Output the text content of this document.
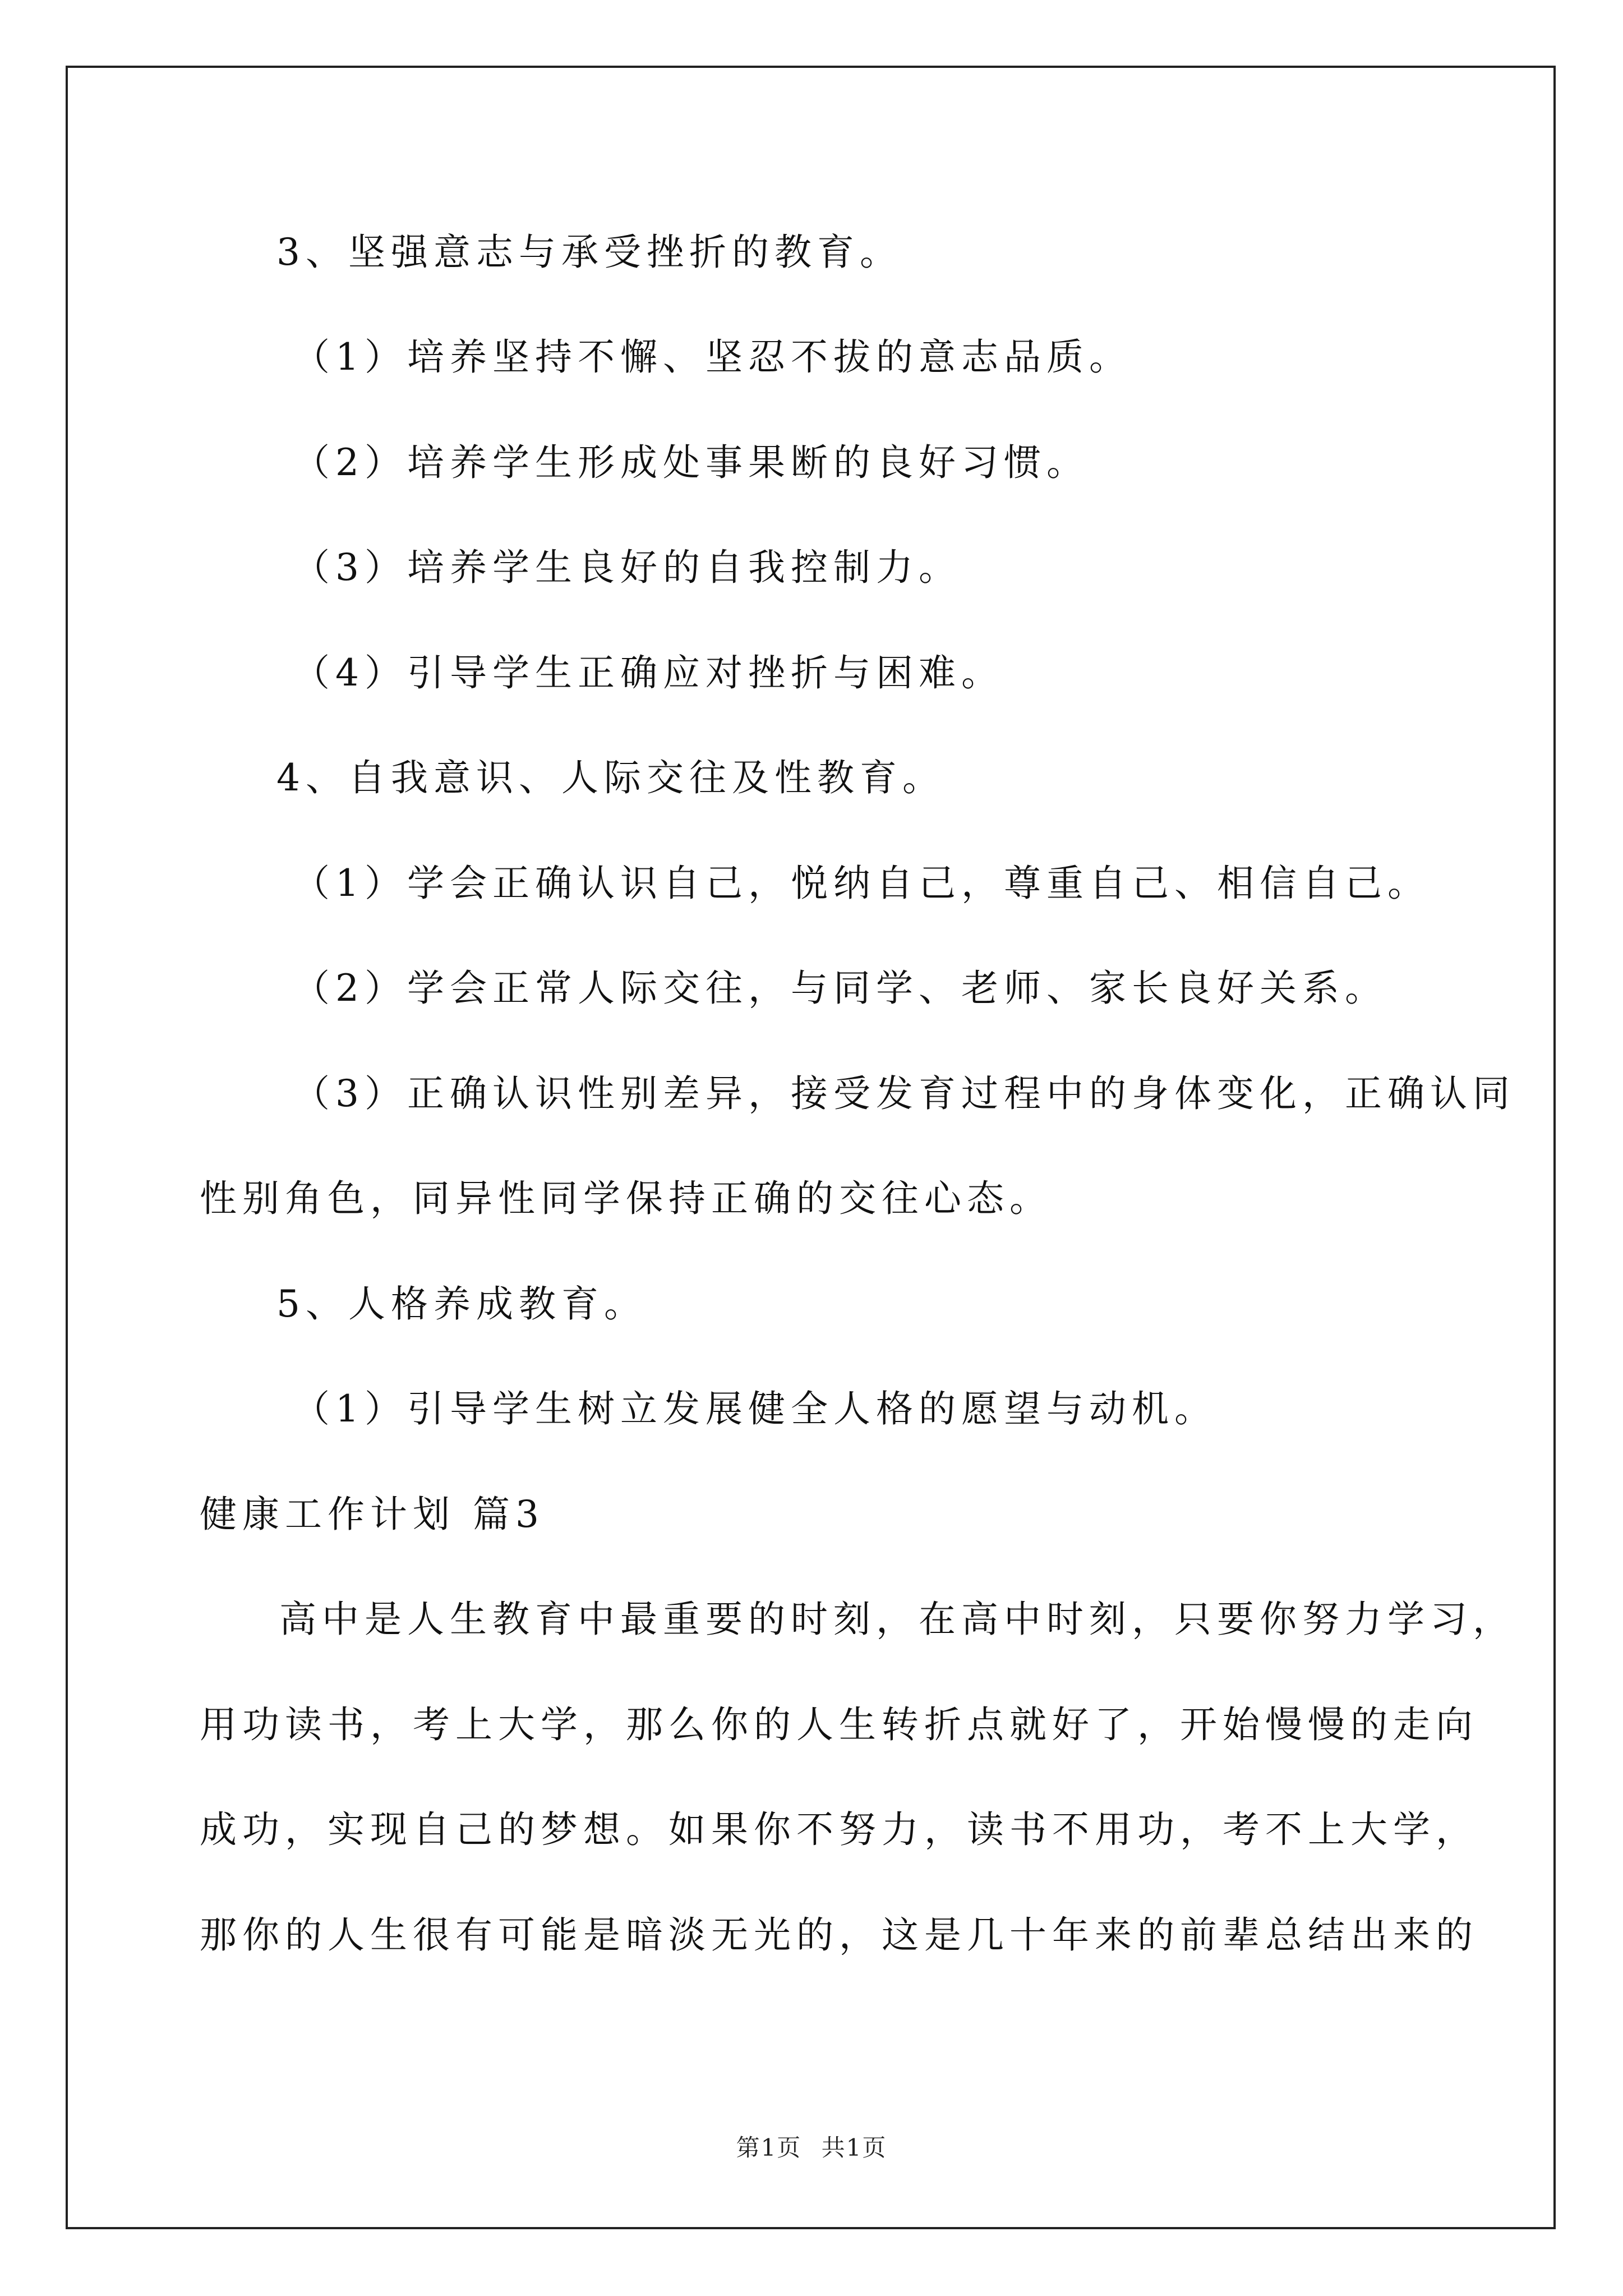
3、坚强意志与承受挫折的教育。

（1）培养坚持不懈、坚忍不拔的意志品质。

（2）培养学生形成处事果断的良好习惯。

（3）培养学生良好的自我控制力。

（4）引导学生正确应对挫折与困难。

4、自我意识、人际交往及性教育。

（1）学会正确认识自己，悦纳自己，尊重自己、相信自己。

（2）学会正常人际交往，与同学、老师、家长良好关系。

（3）正确认识性别差异，接受发育过程中的身体变化，正确认同

性别角色，同异性同学保持正确的交往心态。

5、人格养成教育。

（1）引导学生树立发展健全人格的愿望与动机。

健康工作计划 篇3

高中是人生教育中最重要的时刻，在高中时刻，只要你努力学习，

用功读书，考上大学，那么你的人生转折点就好了，开始慢慢的走向

成功，实现自己的梦想。如果你不努力，读书不用功，考不上大学，

那你的人生很有可能是暗淡无光的，这是几十年来的前辈总结出来的

第1页 共1页
